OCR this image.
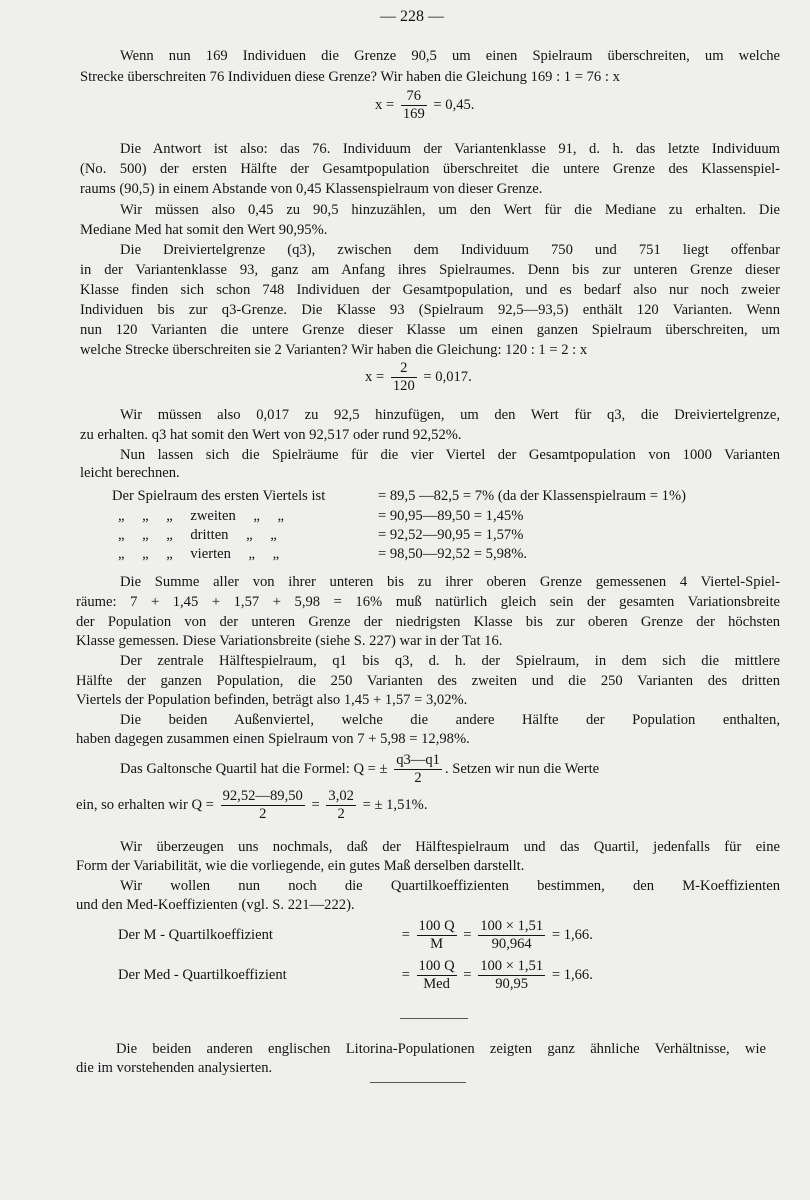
— 228 —
Wenn nun 169 Individuen die Grenze 90,5 um einen Spielraum überschreiten, um welche
Strecke überschreiten 76 Individuen diese Grenze? Wir haben die Gleichung 169 : 1 = 76 : x
$x = \frac{76}{169} = 0,45$.
Die Antwort ist also: das 76. Individuum der Variantenklasse 91, d. h. das letzte Individuum
(No. 500) der ersten Hälfte der Gesamtpopulation überschreitet die untere Grenze des Klassenspiel-
raums (90,5) in einem Abstande von 0,45 Klassenspielraum von dieser Grenze.
Wir müssen also 0,45 zu 90,5 hinzuzählen, um den Wert für die Mediane zu erhalten. Die
Mediane Med hat somit den Wert 90,95%.
Die Dreiviertelgrenze (q3), zwischen dem Individuum 750 und 751 liegt offenbar
in der Variantenklasse 93, ganz am Anfang ihres Spielraumes. Denn bis zur unteren Grenze dieser
Klasse finden sich schon 748 Individuen der Gesamtpopulation, und es bedarf also nur noch zweier
Individuen bis zur q3-Grenze. Die Klasse 93 (Spielraum 92,5—93,5) enthält 120 Varianten. Wenn
nun 120 Varianten die untere Grenze dieser Klasse um einen ganzen Spielraum überschreiten, um
welche Strecke überschreiten sie 2 Varianten? Wir haben die Gleichung: 120 : 1 = 2 : x
$x = \frac{2}{120} = 0,017$.
Wir müssen also 0,017 zu 92,5 hinzufügen, um den Wert für q3, die Dreiviertelgrenze,
zu erhalten. q3 hat somit den Wert von 92,517 oder rund 92,52%.
Nun lassen sich die Spielräume für die vier Viertel der Gesamtpopulation von 1000 Varianten
leicht berechnen.
Der Spielraum des ersten Viertels ist	= 89,5 —82,5 = 7% (da der Klassenspielraum = 1%)
„ „ „ zweiten „ „	= 90,95—89,50 = 1,45%
„ „ „ dritten „ „	= 92,52—90,95 = 1,57%
„ „ „ vierten „ „	= 98,50—92,52 = 5,98%.
Die Summe aller von ihrer unteren bis zu ihrer oberen Grenze gemessenen 4 Viertel-Spiel-
räume: 7 + 1,45 + 1,57 + 5,98 = 16% muß natürlich gleich sein der gesamten Variationsbreite
der Population von der unteren Grenze der niedrigsten Klasse bis zur oberen Grenze der höchsten
Klasse gemessen. Diese Variationsbreite (siehe S. 227) war in der Tat 16.
Der zentrale Hälftespielraum, q1 bis q3, d. h. der Spielraum, in dem sich die mittlere
Hälfte der ganzen Population, die 250 Varianten des zweiten und die 250 Varianten des dritten
Viertels der Population befinden, beträgt also 1,45 + 1,57 = 3,02%.
Die beiden Außenviertel, welche die andere Hälfte der Population enthalten,
haben dagegen zusammen einen Spielraum von 7 + 5,98 = 12,98%.
Das Galtonsche Quartil hat die Formel: Q = ± $\frac{q3—q1}{2}$ . Setzen wir nun die Werte
ein, so erhalten wir $Q = \frac{92,52—89,50}{2} = \frac{3,02}{2}$ = ± 1,51%.
Wir überzeugen uns nochmals, daß der Hälftespielraum und das Quartil, jedenfalls für eine
Form der Variabilität, wie die vorliegende, ein gutes Maß derselben darstellt.
Wir wollen nun noch die Quartilkoeffizienten bestimmen, den M-Koeffizienten
und den Med-Koeffizienten (vgl. S. 221—222).
Der M - Quartilkoeffizient	= $\frac{100 Q}{M} = \frac{100 \times 1,51}{90,964} = 1,66$.
Der Med - Quartilkoeffizient	= $\frac{100 Q}{\text{Med}} = \frac{100 \times 1,51}{90,95} = 1,66$.
Die beiden anderen englischen Litorina-Populationen zeigten ganz ähnliche Verhältnisse, wie
die im vorstehenden analysierten.
